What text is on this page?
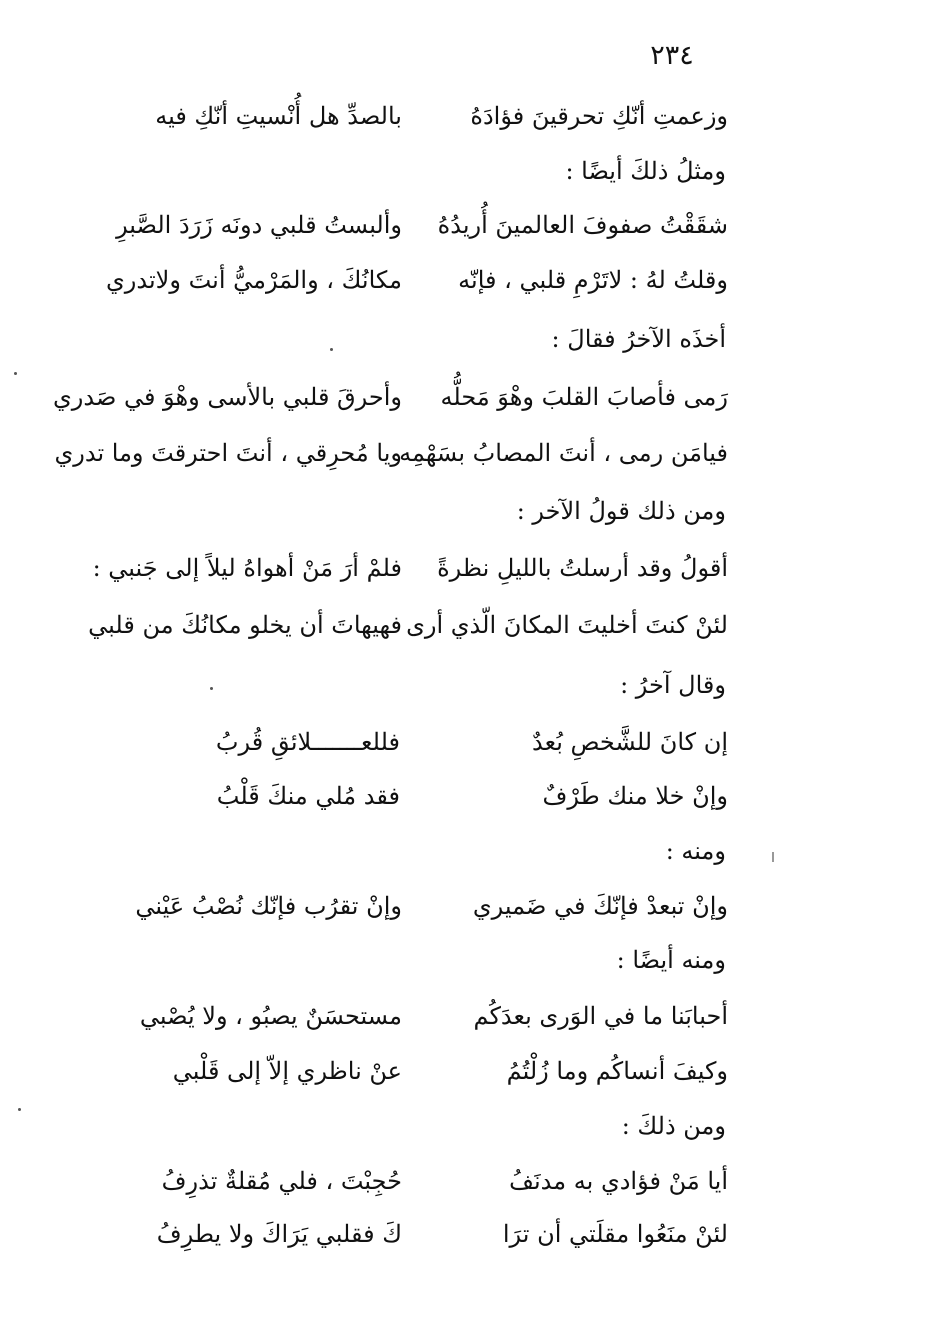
٢٣٤
وزعمتِ أنّكِ تحرقينَ فؤادَهُ
بالصدِّ هل أُنْسيتِ أنّكِ فيه
ومثلُ ذلكَ أيضًا :
شقَقْتُ صفوفَ العالمينَ أُريدُهُ
وألبستُ قلبي دونَه زَرَدَ الصَّبرِ
وقلتُ لهُ : لاتَرْمِ قلبي ، فإنّه
مكانُكَ ، والمَرْميُّ أنتَ ولاتدري
أخذَه الآخرُ فقالَ :
رَمى فأصابَ القلبَ وهْوَ مَحلُّه
وأحرقَ قلبي بالأسى وهْوَ في صَدري
فيامَن رمى ، أنتَ المصابُ بسَهْمِه
ويا مُحرِقي ، أنتَ احترقتَ وما تدري
ومن ذلك قولُ الآخر :
أقولُ وقد أرسلتُ بالليلِ نظرةً
فلمْ أرَ مَنْ أهواهُ ليلاً إلى جَنبي :
لئنْ كنتَ أخليتَ المكانَ الّذي أرى
فهيهاتَ أن يخلو مكانُكَ من قلبي
وقال آخرُ :
إن كانَ للشَّخصِ بُعدٌ
فللعـــــــلائقِ قُربُ
وإنْ خلا منك طَرْفٌ
فقد مُلي منكَ قَلْبُ
ومنه :
وإنْ تبعدْ فإنّكَ في ضَميري
وإنْ تقرُب فإنّك نُصْبُ عَيْني
ومنه أيضًا :
أحبابَنا ما في الوَرى بعدَكُم
مستحسَنٌ يصبُو ، ولا يُصْبي
وكيفَ أنساكُم وما زُلْتُمُ
عنْ ناظري إلاّ إلى قَلْبي
ومن ذلكَ :
أيا مَنْ فؤادي به مدنَفُ
حُجِبْتَ ، فلي مُقلةٌ تذرِفُ
لئنْ منَعُوا مقلَتي أن ترَا
كَ فقلبي يَرَاكَ ولا يطرِفُ
